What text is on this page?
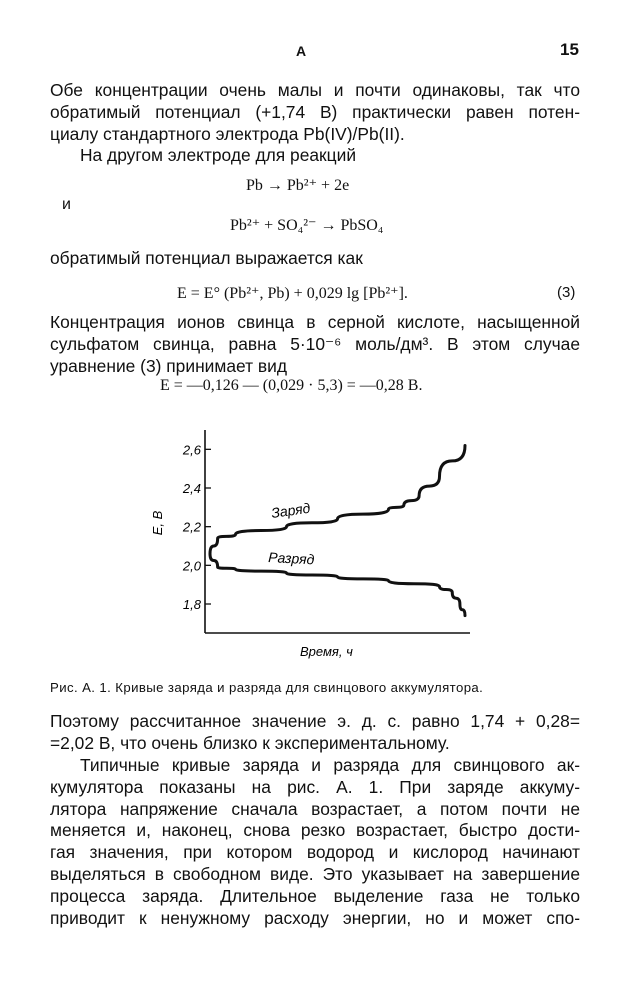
A	15
Обе концентрации очень малы и почти одинаковы, так что
обратимый потенциал (+1,74 В) практически равен потен-
циалу стандартного электрода Pb(IV)/Pb(II).
На другом электроде для реакций
Pb → Pb²⁺ + 2e
и
Pb²⁺ + SO₄²⁻ → PbSO₄
обратимый потенциал выражается как
E = E° (Pb²⁺, Pb) + 0,029 lg [Pb²⁺].	(3)
Концентрация ионов свинца в серной кислоте, насыщенной
сульфатом свинца, равна 5·10⁻⁶ моль/дм³. В этом случае
уравнение (3) принимает вид
E = —0,126 — (0,029 · 5,3) = —0,28 В.
2,6
2,4
2,2
2,0
1,8
Заряд
Разряд
Время, ч
E, В
Рис. А. 1. Кривые заряда и разряда для свинцового аккумулятора.
Поэтому рассчитанное значение э. д. с. равно 1,74 + 0,28=
=2,02 В, что очень близко к экспериментальному.
Типичные кривые заряда и разряда для свинцового ак-
кумулятора показаны на рис. А. 1. При заряде аккуму-
лятора напряжение сначала возрастает, а потом почти не
меняется и, наконец, снова резко возрастает, быстро дости-
гая значения, при котором водород и кислород начинают
выделяться в свободном виде. Это указывает на завершение
процесса заряда. Длительное выделение газа не только
приводит к ненужному расходу энергии, но и может спо-
